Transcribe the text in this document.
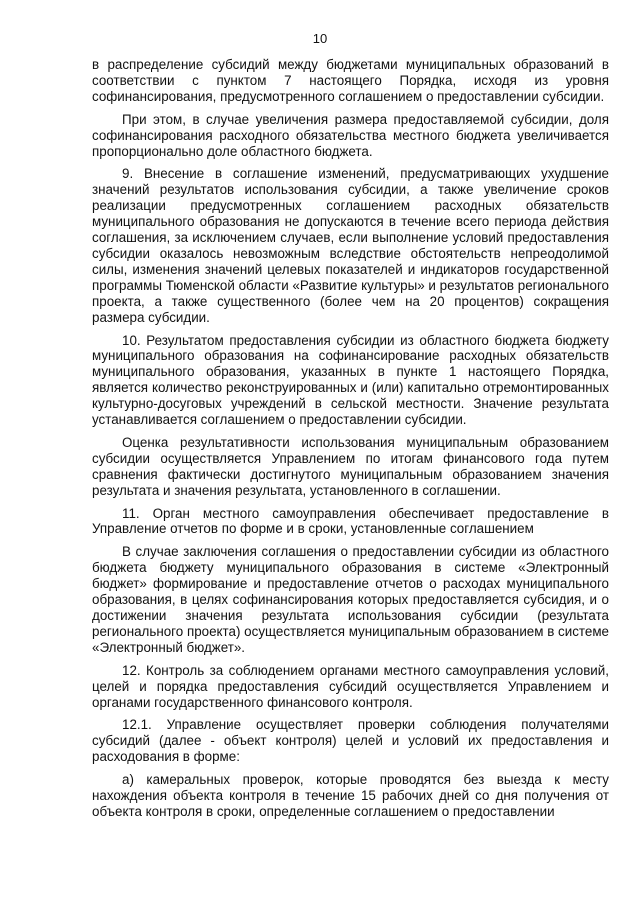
10

в распределение субсидий между бюджетами муниципальных образований в соответствии с пунктом 7 настоящего Порядка, исходя из уровня софинансирования, предусмотренного соглашением о предоставлении субсидии.

При этом, в случае увеличения размера предоставляемой субсидии, доля софинансирования расходного обязательства местного бюджета увеличивается пропорционально доле областного бюджета.

9. Внесение в соглашение изменений, предусматривающих ухудшение значений результатов использования субсидии, а также увеличение сроков реализации предусмотренных соглашением расходных обязательств муниципального образования не допускаются в течение всего периода действия соглашения, за исключением случаев, если выполнение условий предоставления субсидии оказалось невозможным вследствие обстоятельств непреодолимой силы, изменения значений целевых показателей и индикаторов государственной программы Тюменской области «Развитие культуры» и результатов регионального проекта, а также существенного (более чем на 20 процентов) сокращения размера субсидии.

10. Результатом предоставления субсидии из областного бюджета бюджету муниципального образования на софинансирование расходных обязательств муниципального образования, указанных в пункте 1 настоящего Порядка, является количество реконструированных и (или) капитально отремонтированных культурно-досуговых учреждений в сельской местности. Значение результата устанавливается соглашением о предоставлении субсидии.

Оценка результативности использования муниципальным образованием субсидии осуществляется Управлением по итогам финансового года путем сравнения фактически достигнутого муниципальным образованием значения результата и значения результата, установленного в соглашении.

11. Орган местного самоуправления обеспечивает предоставление в Управление отчетов по форме и в сроки, установленные соглашением

В случае заключения соглашения о предоставлении субсидии из областного бюджета бюджету муниципального образования в системе «Электронный бюджет» формирование и предоставление отчетов о расходах муниципального образования, в целях софинансирования которых предоставляется субсидия, и о достижении значения результата использования субсидии (результата регионального проекта) осуществляется муниципальным образованием в системе «Электронный бюджет».

12. Контроль за соблюдением органами местного самоуправления условий, целей и порядка предоставления субсидий осуществляется Управлением и органами государственного финансового контроля.

12.1. Управление осуществляет проверки соблюдения получателями субсидий (далее - объект контроля) целей и условий их предоставления и расходования в форме:

а) камеральных проверок, которые проводятся без выезда к месту нахождения объекта контроля в течение 15 рабочих дней со дня получения от объекта контроля в сроки, определенные соглашением о предоставлении
